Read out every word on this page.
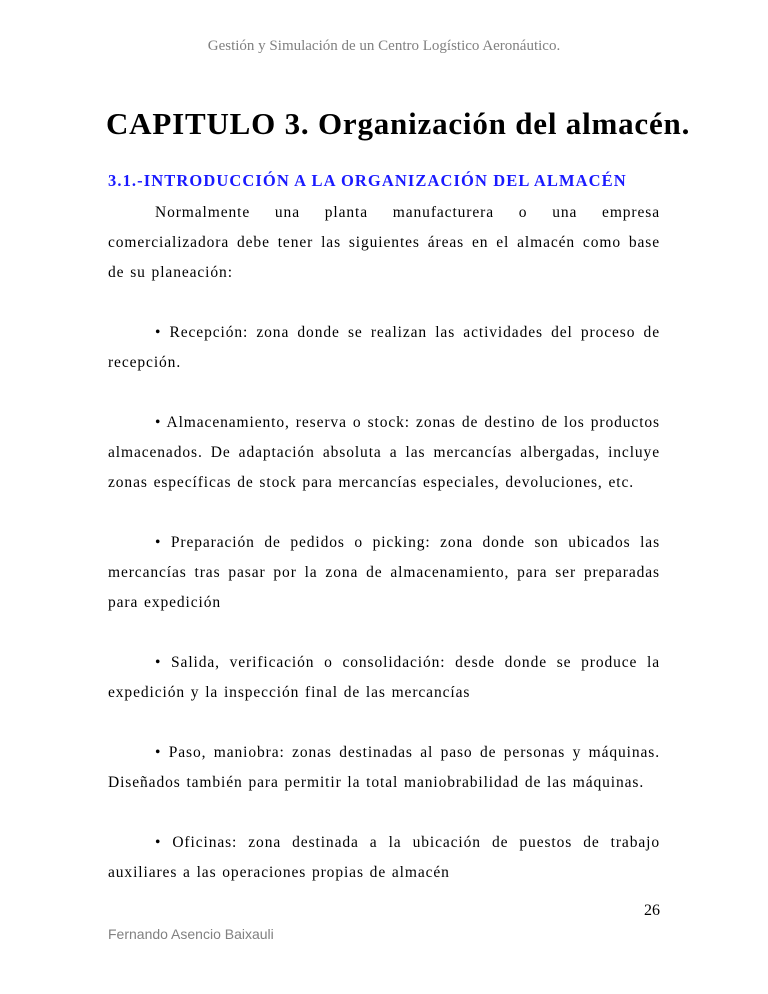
Gestión y Simulación de un Centro Logístico Aeronáutico.
CAPITULO 3. Organización del almacén.
3.1.-INTRODUCCIÓN A LA ORGANIZACIÓN DEL ALMACÉN
Normalmente una planta manufacturera o una empresa comercializadora debe tener las siguientes áreas en el almacén como base de su planeación:
• Recepción: zona donde se realizan las actividades del proceso de recepción.
• Almacenamiento, reserva o stock: zonas de destino de los productos almacenados. De adaptación absoluta a las mercancías albergadas, incluye zonas específicas de stock para mercancías especiales, devoluciones, etc.
• Preparación de pedidos o picking: zona donde son ubicados las mercancías tras pasar por la zona de almacenamiento, para ser preparadas para expedición
• Salida, verificación o consolidación: desde donde se produce la expedición y la inspección final de las mercancías
• Paso, maniobra: zonas destinadas al paso de personas y máquinas. Diseñados también para permitir la total maniobrabilidad de las máquinas.
• Oficinas: zona destinada a la ubicación de puestos de trabajo auxiliares a las operaciones propias de almacén
26
Fernando Asencio Baixauli
